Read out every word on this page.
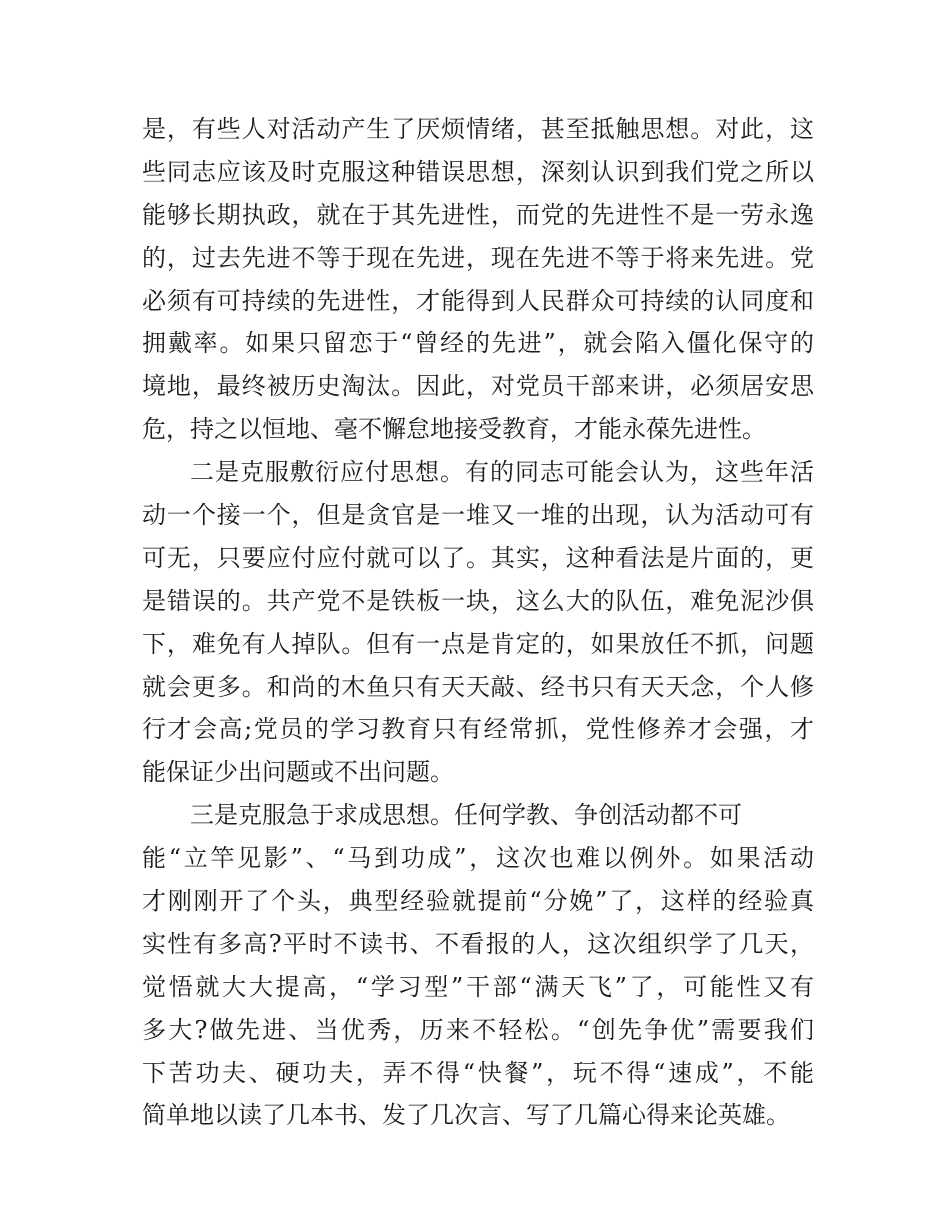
是，有些人对活动产生了厌烦情绪，甚至抵触思想。对此，这
些同志应该及时克服这种错误思想，深刻认识到我们党之所以
能够长期执政，就在于其先进性，而党的先进性不是一劳永逸
的，过去先进不等于现在先进，现在先进不等于将来先进。党
必须有可持续的先进性，才能得到人民群众可持续的认同度和
拥戴率。如果只留恋于“曾经的先进”，就会陷入僵化保守的
境地，最终被历史淘汰。因此，对党员干部来讲，必须居安思
危，持之以恒地、毫不懈怠地接受教育，才能永葆先进性。
二是克服敷衍应付思想。有的同志可能会认为，这些年活
动一个接一个，但是贪官是一堆又一堆的出现，认为活动可有
可无，只要应付应付就可以了。其实，这种看法是片面的，更
是错误的。共产党不是铁板一块，这么大的队伍，难免泥沙俱
下，难免有人掉队。但有一点是肯定的，如果放任不抓，问题
就会更多。和尚的木鱼只有天天敲、经书只有天天念，个人修
行才会高;党员的学习教育只有经常抓，党性修养才会强，才
能保证少出问题或不出问题。
三是克服急于求成思想。任何学教、争创活动都不可
能“立竿见影”、“马到功成”，这次也难以例外。如果活动
才刚刚开了个头，典型经验就提前“分娩”了，这样的经验真
实性有多高?平时不读书、不看报的人，这次组织学了几天，
觉悟就大大提高，“学习型”干部“满天飞”了，可能性又有
多大?做先进、当优秀，历来不轻松。“创先争优”需要我们
下苦功夫、硬功夫，弄不得“快餐”，玩不得“速成”，不能
简单地以读了几本书、发了几次言、写了几篇心得来论英雄。
